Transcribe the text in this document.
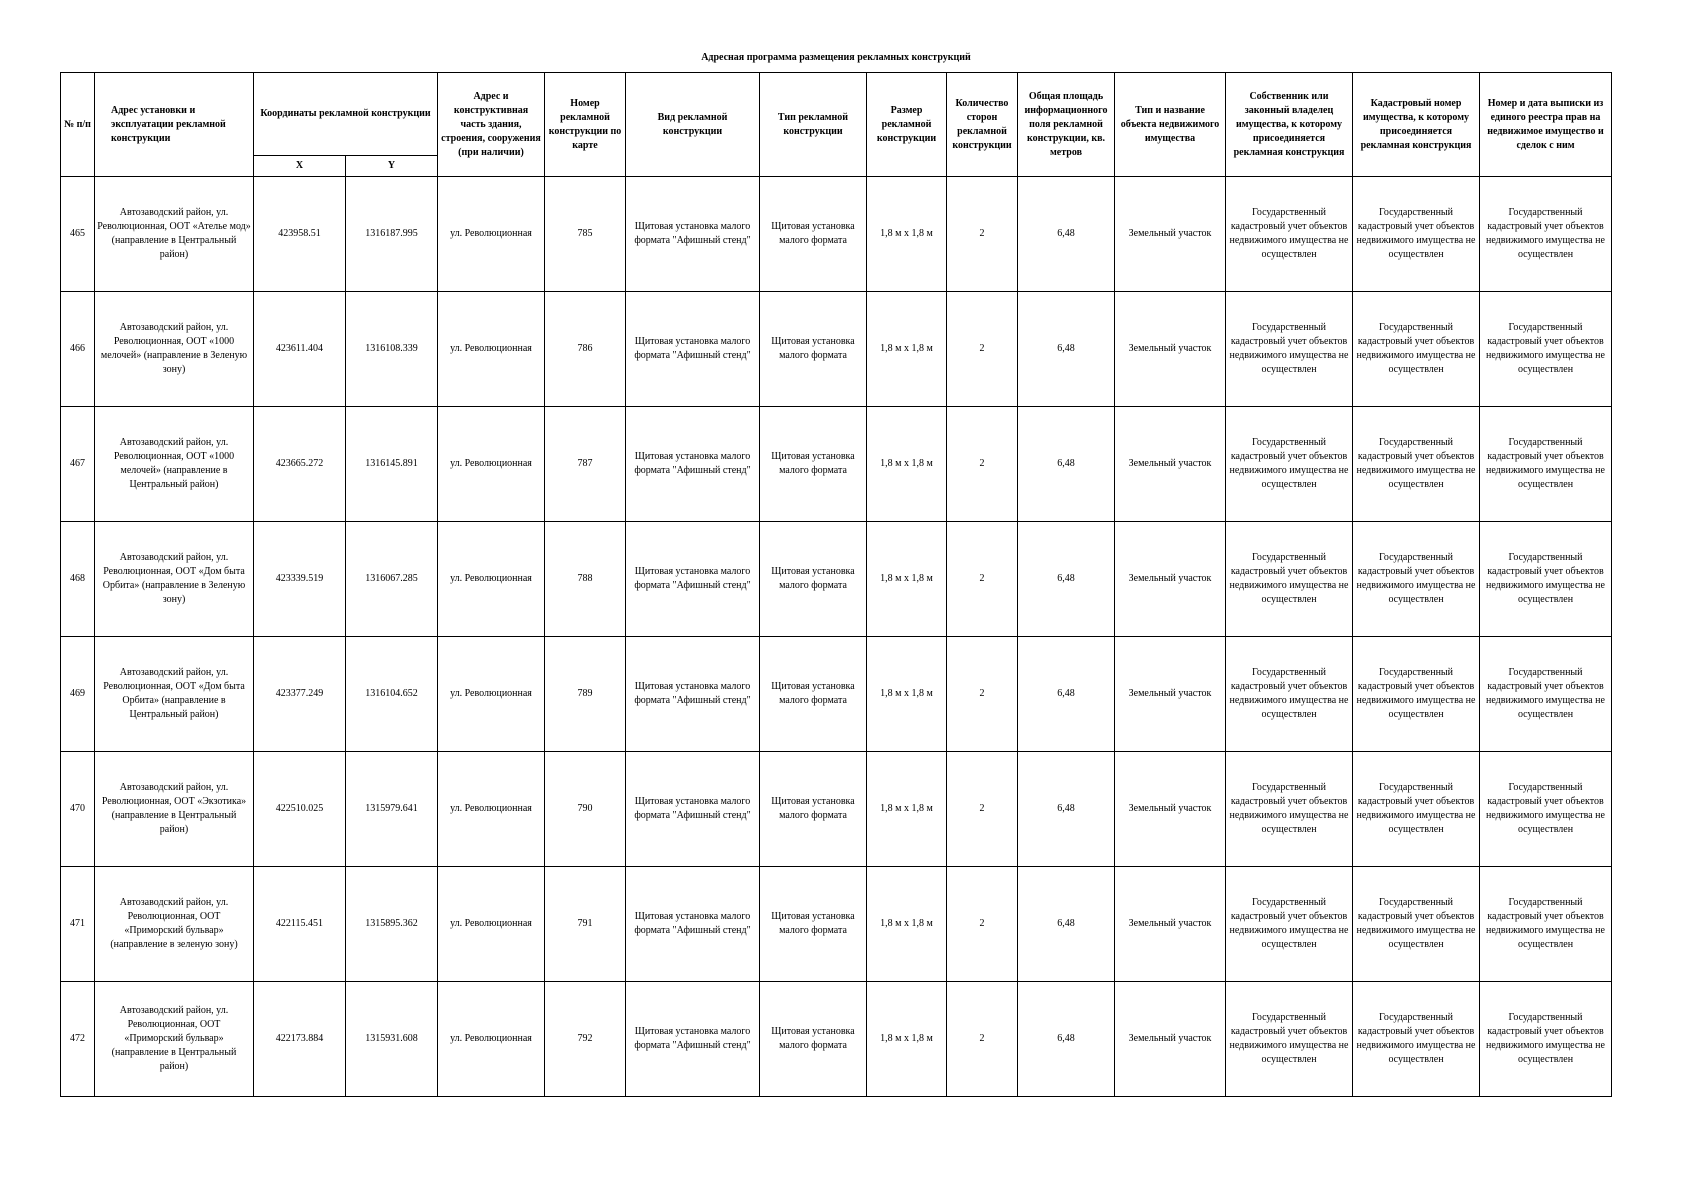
Адресная программа размещения рекламных конструкций
№ п/п	Адрес установки и эксплуатации рекламной конструкции	Координаты рекламной конструкции		Адрес и конструктивная часть здания, строения, сооружения (при наличии)	Номер рекламной конструкции по карте	Вид рекламной конструкции	Тип рекламной конструкции	Размер рекламной конструкции	Количество сторон рекламной конструкции	Общая площадь информационного поля рекламной конструкции, кв. метров	Тип и название объекта недвижимого имущества	Собственник или законный владелец имущества, к которому присоединяется рекламная конструкция	Кадастровый номер имущества, к которому присоединяется рекламная конструкция	Номер и дата выписки из единого реестра прав на недвижимое имущество и сделок с ним
		X	Y											
465	Автозаводский район, ул. Революционная, ООТ «Ателье мод» (направление в Центральный район)	423958.51	1316187.995	ул. Революционная	785	Щитовая установка малого формата "Афишный стенд"	Щитовая установка малого формата	1,8 м х 1,8 м	2	6,48	Земельный участок	Государственный кадастровый учет объектов недвижимого имущества не осуществлен	Государственный кадастровый учет объектов недвижимого имущества не осуществлен	Государственный кадастровый учет объектов недвижимого имущества не осуществлен
466	Автозаводский район, ул. Революционная, ООТ «1000 мелочей» (направление в Зеленую зону)	423611.404	1316108.339	ул. Революционная	786	Щитовая установка малого формата "Афишный стенд"	Щитовая установка малого формата	1,8 м х 1,8 м	2	6,48	Земельный участок	Государственный кадастровый учет объектов недвижимого имущества не осуществлен	Государственный кадастровый учет объектов недвижимого имущества не осуществлен	Государственный кадастровый учет объектов недвижимого имущества не осуществлен
467	Автозаводский район, ул. Революционная, ООТ «1000 мелочей» (направление в Центральный район)	423665.272	1316145.891	ул. Революционная	787	Щитовая установка малого формата "Афишный стенд"	Щитовая установка малого формата	1,8 м х 1,8 м	2	6,48	Земельный участок	Государственный кадастровый учет объектов недвижимого имущества не осуществлен	Государственный кадастровый учет объектов недвижимого имущества не осуществлен	Государственный кадастровый учет объектов недвижимого имущества не осуществлен
468	Автозаводский район, ул. Революционная, ООТ «Дом быта Орбита» (направление в Зеленую зону)	423339.519	1316067.285	ул. Революционная	788	Щитовая установка малого формата "Афишный стенд"	Щитовая установка малого формата	1,8 м х 1,8 м	2	6,48	Земельный участок	Государственный кадастровый учет объектов недвижимого имущества не осуществлен	Государственный кадастровый учет объектов недвижимого имущества не осуществлен	Государственный кадастровый учет объектов недвижимого имущества не осуществлен
469	Автозаводский район, ул. Революционная, ООТ «Дом быта Орбита» (направление в Центральный район)	423377.249	1316104.652	ул. Революционная	789	Щитовая установка малого формата "Афишный стенд"	Щитовая установка малого формата	1,8 м х 1,8 м	2	6,48	Земельный участок	Государственный кадастровый учет объектов недвижимого имущества не осуществлен	Государственный кадастровый учет объектов недвижимого имущества не осуществлен	Государственный кадастровый учет объектов недвижимого имущества не осуществлен
470	Автозаводский район, ул. Революционная, ООТ «Экзотика» (направление в Центральный район)	422510.025	1315979.641	ул. Революционная	790	Щитовая установка малого формата "Афишный стенд"	Щитовая установка малого формата	1,8 м х 1,8 м	2	6,48	Земельный участок	Государственный кадастровый учет объектов недвижимого имущества не осуществлен	Государственный кадастровый учет объектов недвижимого имущества не осуществлен	Государственный кадастровый учет объектов недвижимого имущества не осуществлен
471	Автозаводский район, ул. Революционная, ООТ «Приморский бульвар» (направление в зеленую зону)	422115.451	1315895.362	ул. Революционная	791	Щитовая установка малого формата "Афишный стенд"	Щитовая установка малого формата	1,8 м х 1,8 м	2	6,48	Земельный участок	Государственный кадастровый учет объектов недвижимого имущества не осуществлен	Государственный кадастровый учет объектов недвижимого имущества не осуществлен	Государственный кадастровый учет объектов недвижимого имущества не осуществлен
472	Автозаводский район, ул. Революционная, ООТ «Приморский бульвар» (направление в Центральный район)	422173.884	1315931.608	ул. Революционная	792	Щитовая установка малого формата "Афишный стенд"	Щитовая установка малого формата	1,8 м х 1,8 м	2	6,48	Земельный участок	Государственный кадастровый учет объектов недвижимого имущества не осуществлен	Государственный кадастровый учет объектов недвижимого имущества не осуществлен	Государственный кадастровый учет объектов недвижимого имущества не осуществлен
